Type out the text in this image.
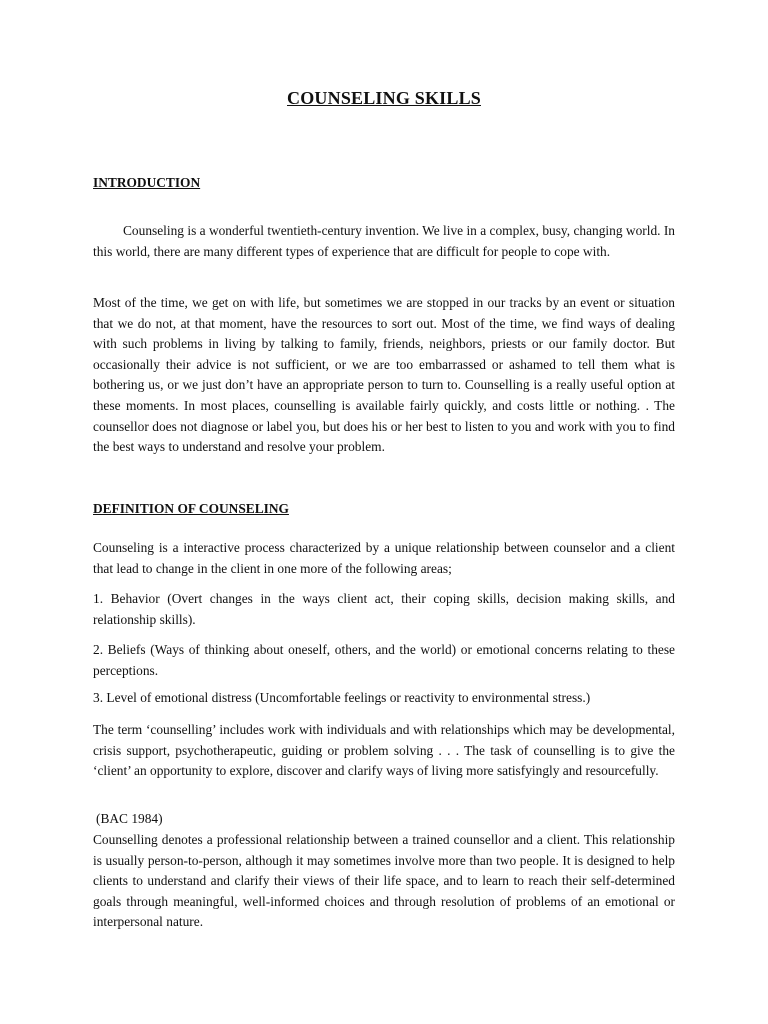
COUNSELING SKILLS
INTRODUCTION

Counseling is a wonderful twentieth-century invention. We live in a complex, busy, changing world. In this world, there are many different types of experience that are difficult for people to cope with.

Most of the time, we get on with life, but sometimes we are stopped in our tracks by an event or situation that we do not, at that moment, have the resources to sort out. Most of the time, we find ways of dealing with such problems in living by talking to family, friends, neighbors, priests or our family doctor. But occasionally their advice is not sufficient, or we are too embarrassed or ashamed to tell them what is bothering us, or we just don’t have an appropriate person to turn to. Counselling is a really useful option at these moments. In most places, counselling is available fairly quickly, and costs little or nothing. . The counsellor does not diagnose or label you, but does his or her best to listen to you and work with you to find the best ways to understand and resolve your problem.

DEFINITION OF COUNSELING

Counseling is a interactive process characterized by a unique relationship between counselor and a client that lead to change in the client in one more of the following areas;

1. Behavior (Overt changes in the ways client act, their coping skills, decision making skills, and relationship skills).

2. Beliefs (Ways of thinking about oneself, others, and the world) or emotional concerns relating to these perceptions.

3. Level of emotional distress (Uncomfortable feelings or reactivity to environmental stress.)

The term ‘counselling’ includes work with individuals and with relationships which may be developmental, crisis support, psychotherapeutic, guiding or problem solving . . . The task of counselling is to give the ‘client’ an opportunity to explore, discover and clarify ways of living more satisfyingly and resourcefully.

(BAC 1984)

Counselling denotes a professional relationship between a trained counsellor and a client. This relationship is usually person-to-person, although it may sometimes involve more than two people. It is designed to help clients to understand and clarify their views of their life space, and to learn to reach their self-determined goals through meaningful, well-informed choices and through resolution of problems of an emotional or interpersonal nature.
